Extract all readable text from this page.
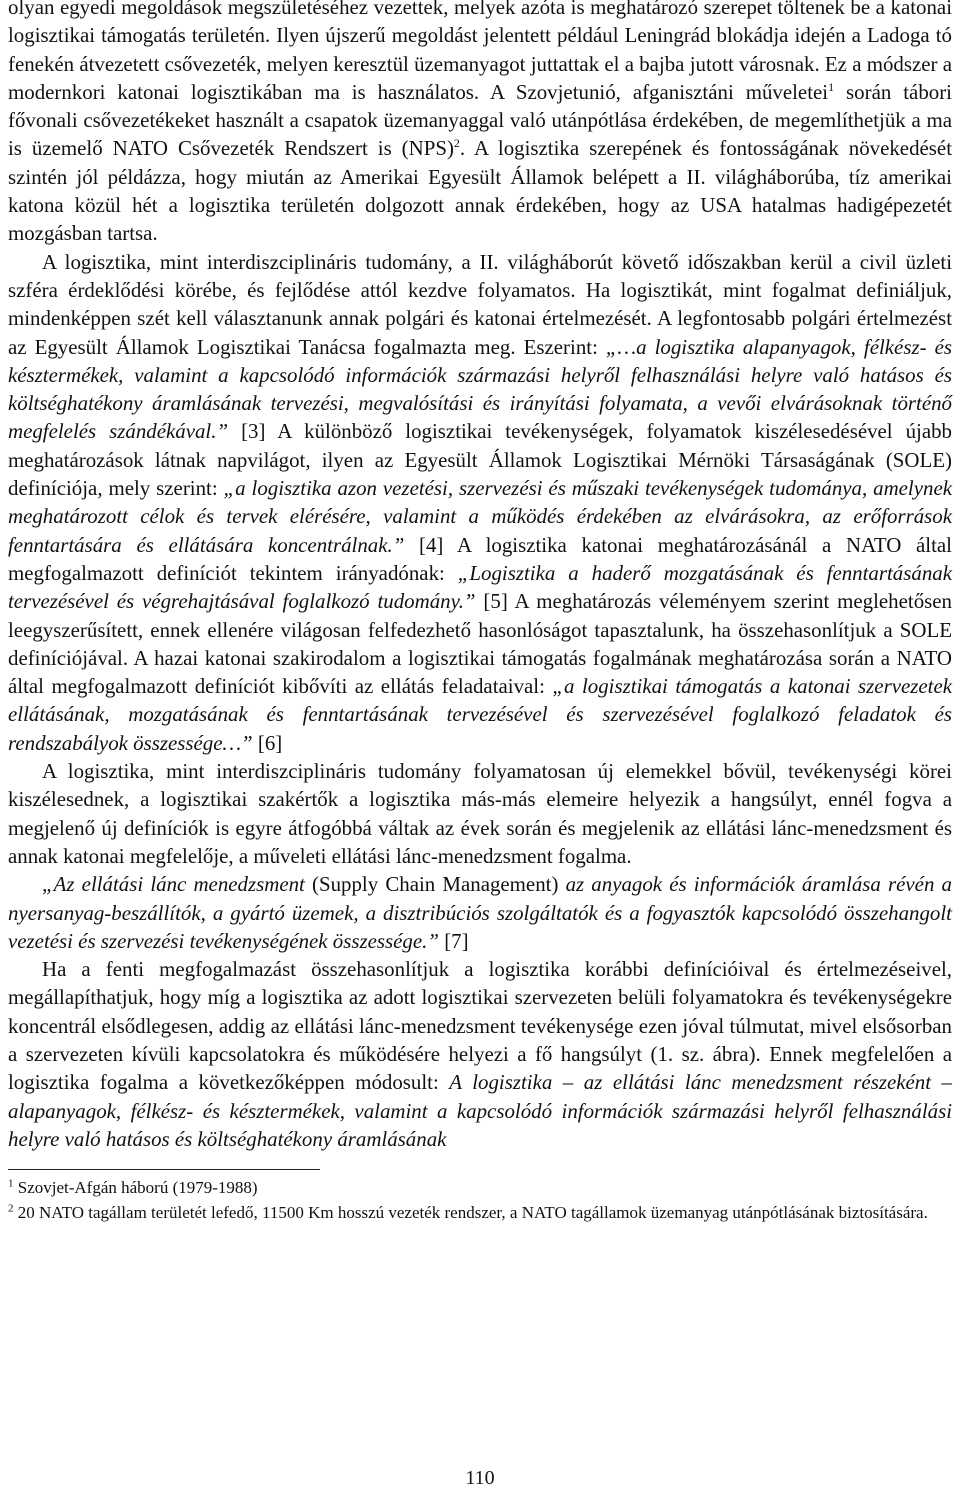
olyan egyedi megoldások megszületéséhez vezettek, melyek azóta is meghatározó szerepet töltenek be a katonai logisztikai támogatás területén. Ilyen újszerű megoldást jelentett például Leningrád blokádja idején a Ladoga tó fenekén átvezetett csővezeték, melyen keresztül üzemanyagot juttattak el a bajba jutott városnak. Ez a módszer a modernkori katonai logisztikában ma is használatos. A Szovjetunió, afganisztáni műveletei$^1$ során tábori fővonali csővezetékeket használt a csapatok üzemanyaggal való utánpótlása érdekében, de megemlíthetjük a ma is üzemelő NATO Csővezeték Rendszert is (NPS)$^2$. A logisztika szerepének és fontosságának növekedését szintén jól példázza, hogy miután az Amerikai Egyesült Államok belépett a II. világháborúba, tíz amerikai katona közül hét a logisztika területén dolgozott annak érdekében, hogy az USA hatalmas hadigépezetét mozgásban tartsa.

A logisztika, mint interdiszciplináris tudomány, a II. világháborút követő időszakban kerül a civil üzleti szféra érdeklődési körébe, és fejlődése attól kezdve folyamatos. Ha logisztikát, mint fogalmat definiáljuk, mindenképpen szét kell választanunk annak polgári és katonai értelmezését. A legfontosabb polgári értelmezést az Egyesült Államok Logisztikai Tanácsa fogalmazta meg. Eszerint: „…a logisztika alapanyagok, félkész- és késztermékek, valamint a kapcsolódó információk származási helyről felhasználási helyre való hatásos és költséghatékony áramlásának tervezési, megvalósítási és irányítási folyamata, a vevői elvárásoknak történő megfelelés szándékával.” [3] A különböző logisztikai tevékenységek, folyamatok kiszélesedésével újabb meghatározások látnak napvilágot, ilyen az Egyesült Államok Logisztikai Mérnöki Társaságának (SOLE) definíciója, mely szerint: „a logisztika azon vezetési, szervezési és műszaki tevékenységek tudománya, amelynek meghatározott célok és tervek elérésére, valamint a működés érdekében az elvárásokra, az erőforrások fenntartására és ellátására koncentrálnak.” [4] A logisztika katonai meghatározásánál a NATO által megfogalmazott definíciót tekintem irányadónak: „Logisztika a haderő mozgatásának és fenntartásának tervezésével és végrehajtásával foglalkozó tudomány.” [5] A meghatározás véleményem szerint meglehetősen leegyszerűsített, ennek ellenére világosan felfedezhető hasonlóságot tapasztalunk, ha összehasonlítjuk a SOLE definíciójával. A hazai katonai szakirodalom a logisztikai támogatás fogalmának meghatározása során a NATO által megfogalmazott definíciót kibővíti az ellátás feladataival: „a logisztikai támogatás a katonai szervezetek ellátásának, mozgatásának és fenntartásának tervezésével és szervezésével foglalkozó feladatok és rendszabályok összessége…” [6]

A logisztika, mint interdiszciplináris tudomány folyamatosan új elemekkel bővül, tevékenységi körei kiszélesednek, a logisztikai szakértők a logisztika más-más elemeire helyezik a hangsúlyt, ennél fogva a megjelenő új definíciók is egyre átfogóbbá váltak az évek során és megjelenik az ellátási lánc-menedzsment és annak katonai megfelelője, a műveleti ellátási lánc-menedzsment fogalma.

„Az ellátási lánc menedzsment (Supply Chain Management) az anyagok és információk áramlása révén a nyersanyag-beszállítók, a gyártó üzemek, a disztribúciós szolgáltatók és a fogyasztók kapcsolódó összehangolt vezetési és szervezési tevékenységének összessége.” [7]

Ha a fenti megfogalmazást összehasonlítjuk a logisztika korábbi definícióival és értelmezéseivel, megállapíthatjuk, hogy míg a logisztika az adott logisztikai szervezeten belüli folyamatokra és tevékenységekre koncentrál elsődlegesen, addig az ellátási lánc-menedzsment tevékenysége ezen jóval túlmutat, mivel elsősorban a szervezeten kívüli kapcsolatokra és működésére helyezi a fő hangsúlyt (1. sz. ábra). Ennek megfelelően a logisztika fogalma a következőképpen módosult: A logisztika – az ellátási lánc menedzsment részeként – alapanyagok, félkész- és késztermékek, valamint a kapcsolódó információk származási helyről felhasználási helyre való hatásos és költséghatékony áramlásának

$^1$ Szovjet-Afgán háború (1979-1988)

$^2$ 20 NATO tagállam területét lefedő, 11500 Km hosszú vezeték rendszer, a NATO tagállamok üzemanyag utánpótlásának biztosítására.

110
